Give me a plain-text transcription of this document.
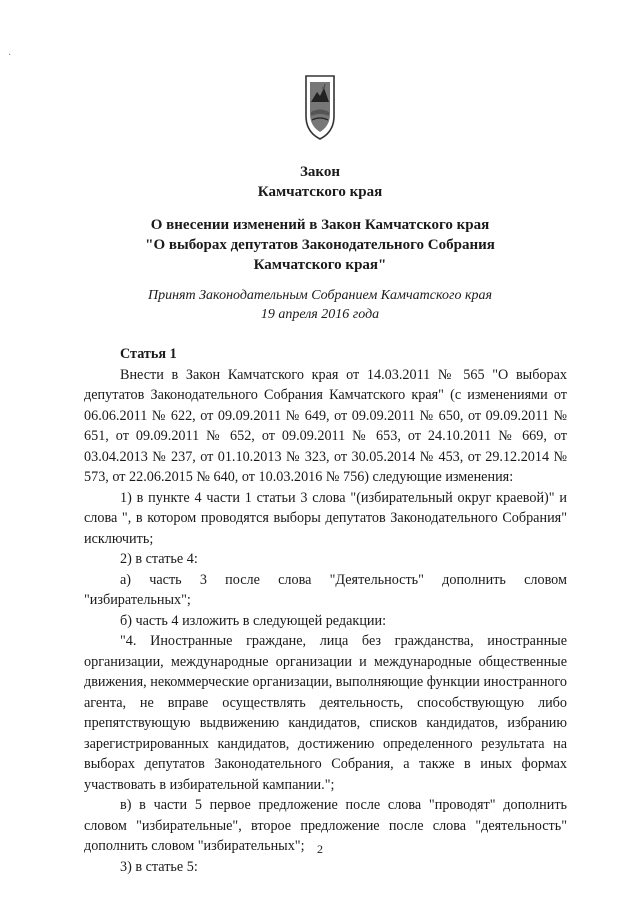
·
Закон
Камчатского края
О внесении изменений в Закон Камчатского края
"О выборах депутатов Законодательного Собрания
Камчатского края"
Принят Законодательным Собранием Камчатского края
19 апреля 2016 года

Статья 1

Внести в Закон Камчатского края от 14.03.2011 № 565 "О выборах депутатов Законодательного Собрания Камчатского края" (с изменениями от 06.06.2011 № 622, от 09.09.2011 № 649, от 09.09.2011 № 650, от 09.09.2011 № 651, от 09.09.2011 № 652, от 09.09.2011 № 653, от 24.10.2011 № 669, от 03.04.2013 № 237, от 01.10.2013 № 323, от 30.05.2014 № 453, от 29.12.2014 № 573, от 22.06.2015 № 640, от 10.03.2016 № 756) следующие изменения:

1) в пункте 4 части 1 статьи 3 слова "(избирательный округ краевой)" и слова ", в котором проводятся выборы депутатов Законодательного Собрания" исключить;

2) в статье 4:

а) часть 3 после слова "Деятельность" дополнить словом "избирательных";

б) часть 4 изложить в следующей редакции:

"4. Иностранные граждане, лица без гражданства, иностранные организации, международные организации и международные общественные движения, некоммерческие организации, выполняющие функции иностранного агента, не вправе осуществлять деятельность, способствующую либо препятствующую выдвижению кандидатов, списков кандидатов, избранию зарегистрированных кандидатов, достижению определенного результата на выборах депутатов Законодательного Собрания, а также в иных формах участвовать в избирательной кампании.";

в) в части 5 первое предложение после слова "проводят" дополнить словом "избирательные", второе предложение после слова "деятельность" дополнить словом "избирательных";

3) в статье 5:

2
